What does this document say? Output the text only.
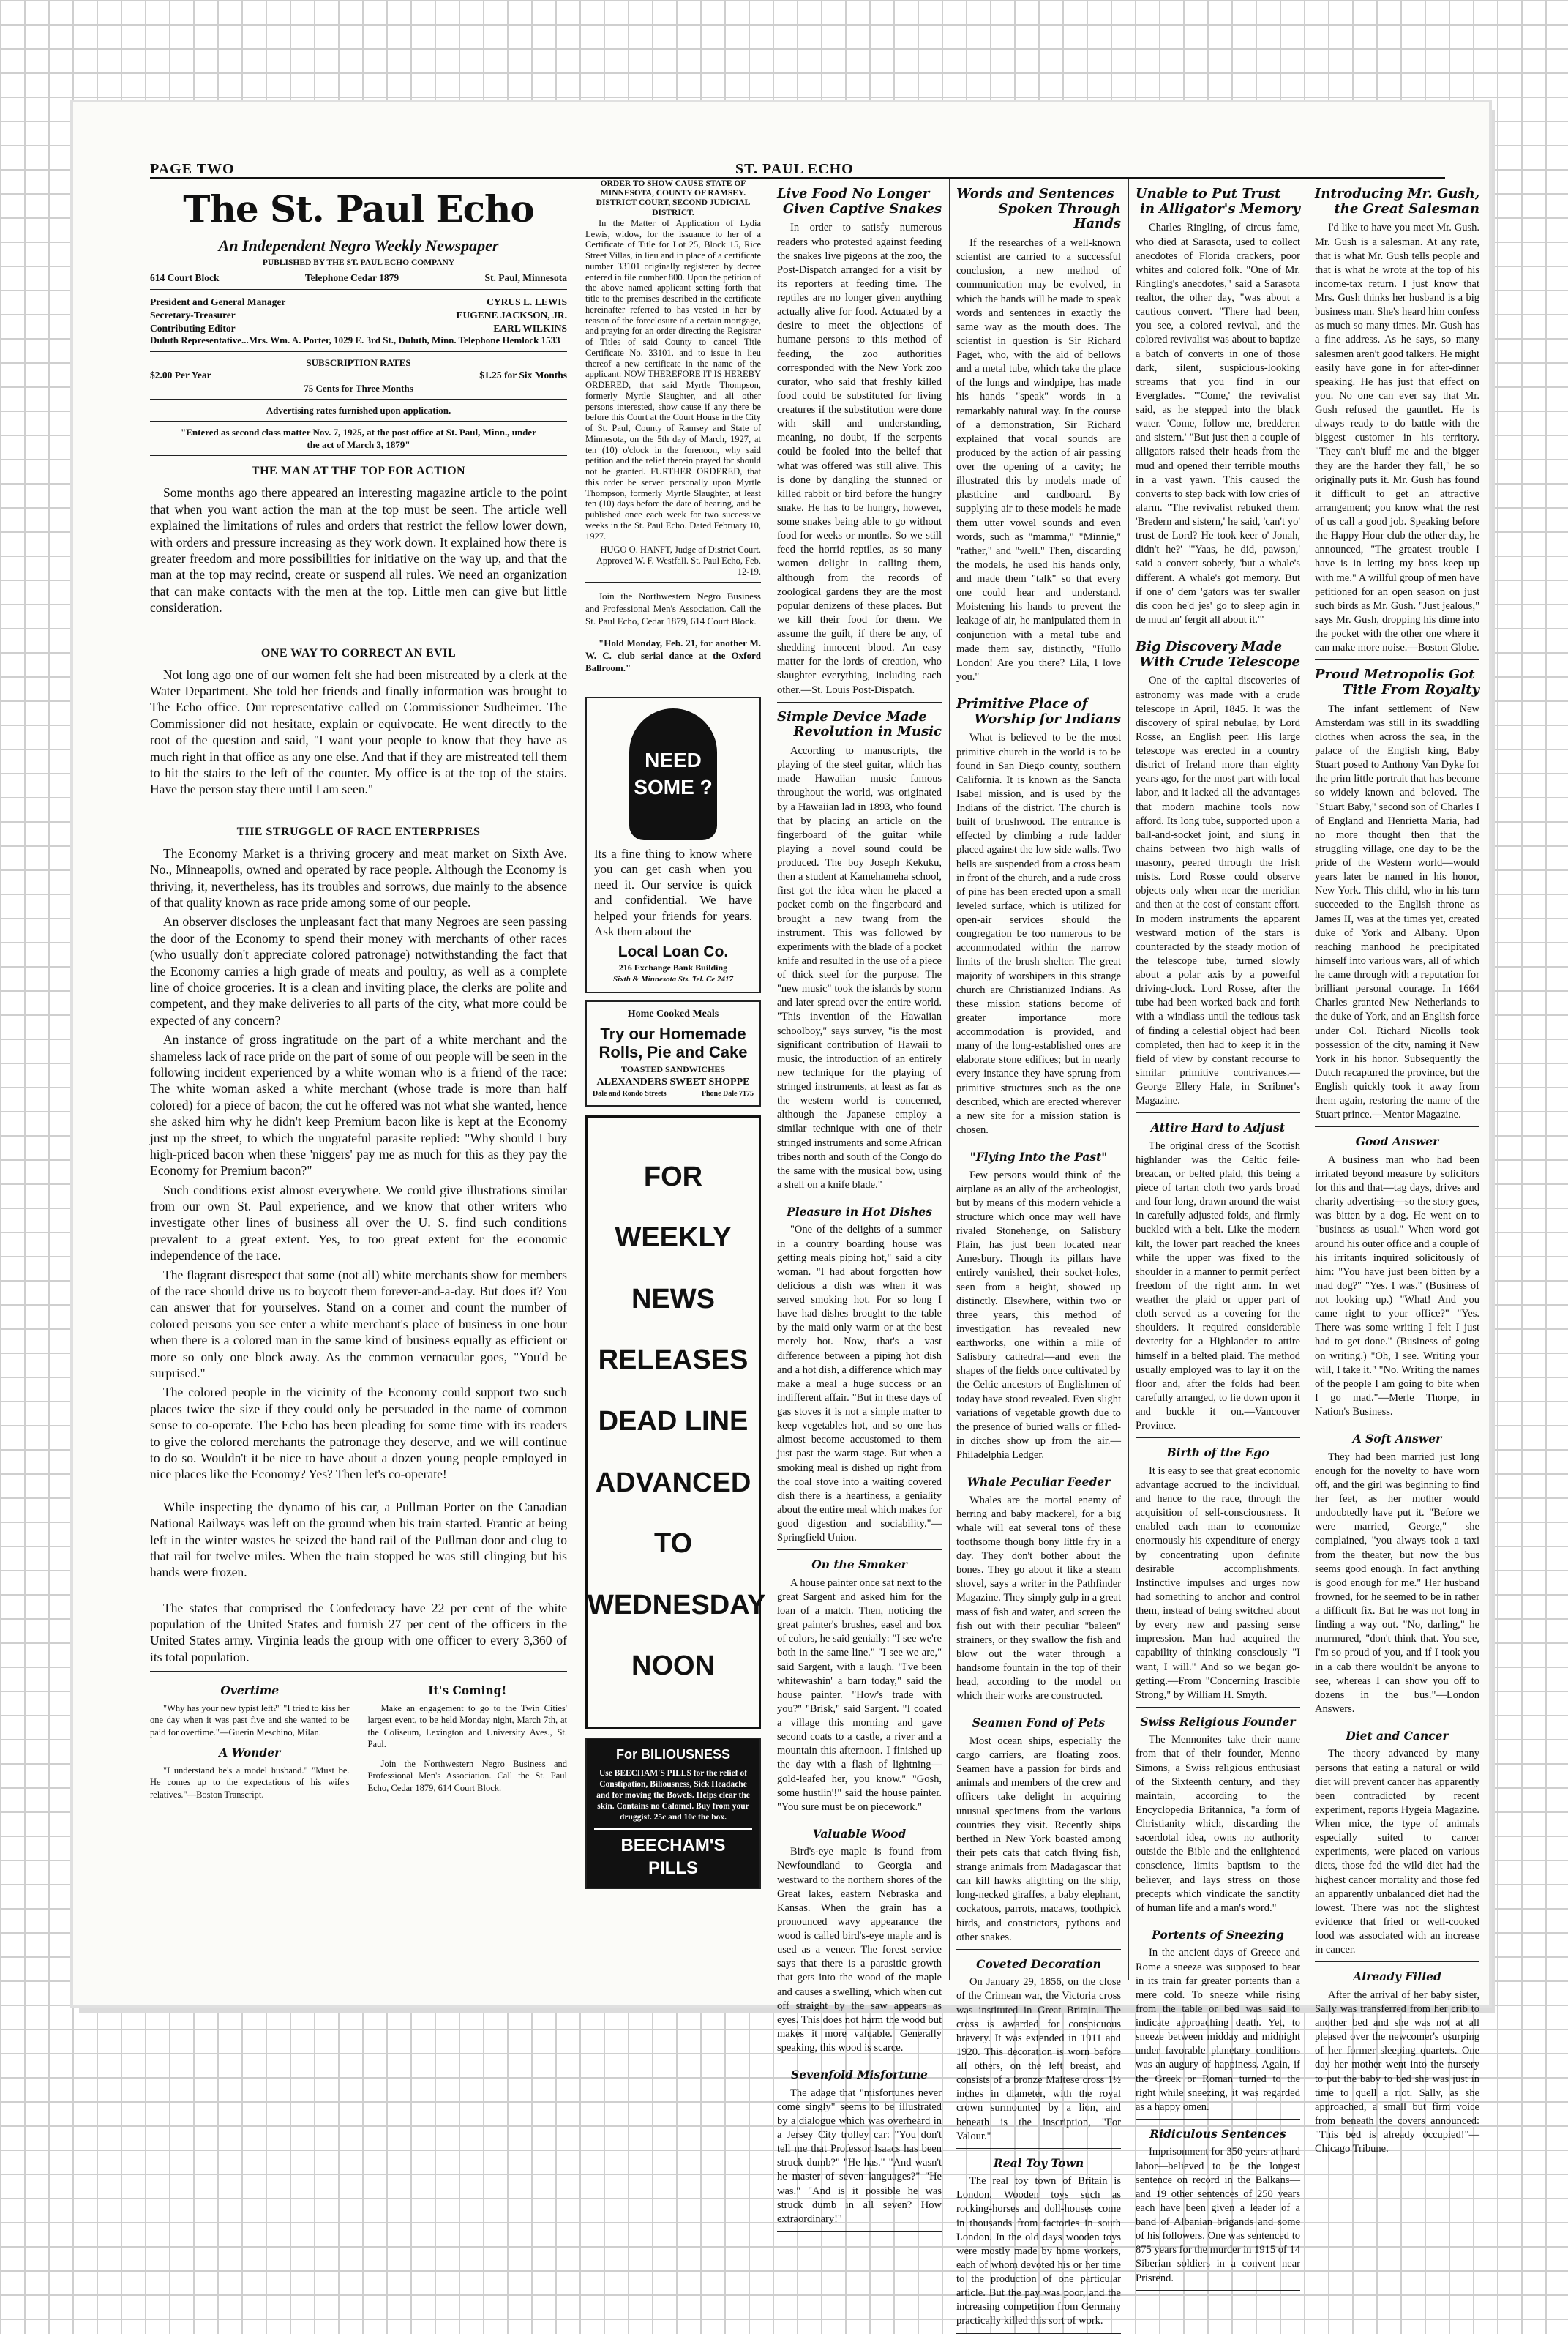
PAGE TWO	ST. PAUL ECHO
The St. Paul Echo
An Independent Negro Weekly Newspaper
PUBLISHED BY THE ST. PAUL ECHO COMPANY
614 Court Block	Telephone Cedar 1879	St. Paul, Minnesota
President and General Manager	CYRUS L. LEWIS
Secretary-Treasurer	EUGENE JACKSON, JR.
Contributing Editor	EARL WILKINS
Duluth Representative...Mrs. Wm. A. Porter, 1029 E. 3rd St., Duluth, Minn. Telephone Hemlock 1533
SUBSCRIPTION RATES
$2.00 Per Year	$1.25 for Six Months
75 Cents for Three Months
Advertising rates furnished upon application.
"Entered as second class matter Nov. 7, 1925, at the post office at St. Paul, Minn., under the act of March 3, 1879"
THE MAN AT THE TOP FOR ACTION

Some months ago there appeared an interesting magazine article to the point that when you want action the man at the top must be seen. The article well explained the limitations of rules and orders that restrict the fellow lower down, with orders and pressure increasing as they work down. It explained how there is greater freedom and more possibilities for initiative on the way up, and that the man at the top may recind, create or suspend all rules. We need an organization that can make contacts with the men at the top. Little men can give but little consideration.

ONE WAY TO CORRECT AN EVIL

Not long ago one of our women felt she had been mistreated by a clerk at the Water Department. She told her friends and finally information was brought to The Echo office. Our representative called on Commissioner Sudheimer. The Commissioner did not hesitate, explain or equivocate. He went directly to the root of the question and said, "I want your people to know that they have as much right in that office as any one else. And that if they are mistreated tell them to hit the stairs to the left of the counter. My office is at the top of the stairs. Have the person stay there until I am seen."

THE STRUGGLE OF RACE ENTERPRISES

The Economy Market is a thriving grocery and meat market on Sixth Ave. No., Minneapolis, owned and operated by race people. Although the Economy is thriving, it, nevertheless, has its troubles and sorrows, due mainly to the absence of that quality known as race pride among some of our people.

An observer discloses the unpleasant fact that many Negroes are seen passing the door of the Economy to spend their money with merchants of other races (who usually don't appreciate colored patronage) notwithstanding the fact that the Economy carries a high grade of meats and poultry, as well as a complete line of choice groceries. It is a clean and inviting place, the clerks are polite and competent, and they make deliveries to all parts of the city, what more could be expected of any concern?

An instance of gross ingratitude on the part of a white merchant and the shameless lack of race pride on the part of some of our people will be seen in the following incident experienced by a white woman who is a friend of the race: The white woman asked a white merchant (whose trade is more than half colored) for a piece of bacon; the cut he offered was not what she wanted, hence she asked him why he didn't keep Premium bacon like is kept at the Economy just up the street, to which the ungrateful parasite replied: "Why should I buy high-priced bacon when these 'niggers' pay me as much for this as they pay the Economy for Premium bacon?"

Such conditions exist almost everywhere. We could give illustrations similar from our own St. Paul experience, and we know that other writers who investigate other lines of business all over the U. S. find such conditions prevalent to a great extent. Yes, to too great extent for the economic independence of the race.

The flagrant disrespect that some (not all) white merchants show for members of the race should drive us to boycott them forever-and-a-day. But does it? You can answer that for yourselves. Stand on a corner and count the number of colored persons you see enter a white merchant's place of business in one hour when there is a colored man in the same kind of business equally as efficient or more so only one block away. As the common vernacular goes, "You'd be surprised."

The colored people in the vicinity of the Economy could support two such places twice the size if they could only be persuaded in the name of common sense to co-operate. The Echo has been pleading for some time with its readers to give the colored merchants the patronage they deserve, and we will continue to do so. Wouldn't it be nice to have about a dozen young people employed in nice places like the Economy? Yes? Then let's co-operate!

While inspecting the dynamo of his car, a Pullman Porter on the Canadian National Railways was left on the ground when his train started. Frantic at being left in the winter wastes he seized the hand rail of the Pullman door and clug to that rail for twelve miles. When the train stopped he was still clinging but his hands were frozen.

The states that comprised the Confederacy have 22 per cent of the white population of the United States and furnish 27 per cent of the officers in the United States army. Virginia leads the group with one officer to every 3,360 of its total population.

Overtime

"Why has your new typist left?" "I tried to kiss her one day when it was past five and she wanted to be paid for overtime."—Guerin Meschino, Milan.

A Wonder

"I understand he's a model husband." "Must be. He comes up to the expectations of his wife's relatives."—Boston Transcript.

It's Coming!

Make an engagement to go to the Twin Cities' largest event, to be held Monday night, March 7th, at the Coliseum, Lexington and University Aves., St. Paul.

Join the Northwestern Negro Business and Professional Men's Association. Call the St. Paul Echo, Cedar 1879, 614 Court Block.

ORDER TO SHOW CAUSE STATE OF MINNESOTA, COUNTY OF RAMSEY. DISTRICT COURT, SECOND JUDICIAL DISTRICT.

In the Matter of Application of Lydia Lewis, widow, for the issuance to her of a Certificate of Title for Lot 25, Block 15, Rice Street Villas, in lieu and in place of a certificate number 33101 originally registered by decree entered in file number 800. Upon the petition of the above named applicant setting forth that title to the premises described in the certificate hereinafter referred to has vested in her by reason of the foreclosure of a certain mortgage, and praying for an order directing the Registrar of Titles of said County to cancel Title Certificate No. 33101, and to issue in lieu thereof a new certificate in the name of the applicant: NOW THEREFORE IT IS HEREBY ORDERED, that said Myrtle Thompson, formerly Myrtle Slaughter, and all other persons interested, show cause if any there be before this Court at the Court House in the City of St. Paul, County of Ramsey and State of Minnesota, on the 5th day of March, 1927, at ten (10) o'clock in the forenoon, why said petition and the relief therein prayed for should not be granted. FURTHER ORDERED, that this order be served personally upon Myrtle Thompson, formerly Myrtle Slaughter, at least ten (10) days before the date of hearing, and be published once each week for two successive weeks in the St. Paul Echo. Dated February 10, 1927.

HUGO O. HANFT, Judge of District Court. Approved W. F. Westfall. St. Paul Echo, Feb. 12-19.

Join the Northwestern Negro Business and Professional Men's Association. Call the St. Paul Echo, Cedar 1879, 614 Court Block.

"Hold Monday, Feb. 21, for another M. W. C. club serial dance at the Oxford Ballroom."

NEED SOME ?

Its a fine thing to know where you can get cash when you need it. Our service is quick and confidential. We have helped your friends for years. Ask them about the

Local Loan Co.
216 Exchange Bank Building
Sixth & Minnesota Sts. Tel. Ce 2417
Home Cooked Meals
Try our Homemade Rolls, Pie and Cake
TOASTED SANDWICHES
ALEXANDERS SWEET SHOPPE
Dale and Rondo Streets	Phone Dale 7175
FOR
WEEKLY
NEWS
RELEASES
DEAD LINE
ADVANCED
TO
WEDNESDAY
NOON
For BILIOUSNESS
Use BEECHAM'S PILLS for the relief of Constipation, Biliousness, Sick Headache and for moving the Bowels. Helps clear the skin. Contains no Calomel. Buy from your druggist. 25c and 10c the box.
BEECHAM'S PILLS
Live Food No Longer
Given Captive Snakes

In order to satisfy numerous readers who protested against feeding the snakes live pigeons at the zoo, the Post-Dispatch arranged for a visit by its reporters at feeding time. The reptiles are no longer given anything actually alive for food. Actuated by a desire to meet the objections of humane persons to this method of feeding, the zoo authorities corresponded with the New York zoo curator, who said that freshly killed food could be substituted for living creatures if the substitution were done with skill and understanding, meaning, no doubt, if the serpents could be fooled into the belief that what was offered was still alive. This is done by dangling the stunned or killed rabbit or bird before the hungry snake. He has to be hungry, however, some snakes being able to go without food for weeks or months. So we still feed the horrid reptiles, as so many women delight in calling them, although from the records of zoological gardens they are the most popular denizens of these places. But we kill their food for them. We assume the guilt, if there be any, of shedding innocent blood. An easy matter for the lords of creation, who slaughter everything, including each other.—St. Louis Post-Dispatch.

Simple Device Made
Revolution in Music

According to manuscripts, the playing of the steel guitar, which has made Hawaiian music famous throughout the world, was originated by a Hawaiian lad in 1893, who found that by placing an article on the fingerboard of the guitar while playing a novel sound could be produced. The boy Joseph Kekuku, then a student at Kamehameha school, first got the idea when he placed a pocket comb on the fingerboard and brought a new twang from the instrument. This was followed by experiments with the blade of a pocket knife and resulted in the use of a piece of thick steel for the purpose. The "new music" took the islands by storm and later spread over the entire world. "This invention of the Hawaiian schoolboy," says survey, "is the most significant contribution of Hawaii to music, the introduction of an entirely new technique for the playing of stringed instruments, at least as far as the western world is concerned, although the Japanese employ a similar technique with one of their stringed instruments and some African tribes north and south of the Congo do the same with the musical bow, using a shell on a knife blade."

Pleasure in Hot Dishes

"One of the delights of a summer in a country boarding house was getting meals piping hot," said a city woman. "I had about forgotten how delicious a dish was when it was served smoking hot. For so long I have had dishes brought to the table by the maid only warm or at the best merely hot. Now, that's a vast difference between a piping hot dish and a hot dish, a difference which may make a meal a huge success or an indifferent affair. "But in these days of gas stoves it is not a simple matter to keep vegetables hot, and so one has almost become accustomed to them just past the warm stage. But when a smoking meal is dished up right from the coal stove into a waiting covered dish there is a heartiness, a geniality about the entire meal which makes for good digestion and sociability."—Springfield Union.

On the Smoker

A house painter once sat next to the great Sargent and asked him for the loan of a match. Then, noticing the great painter's brushes, easel and box of colors, he said genially: "I see we're both in the same line." "I see we are," said Sargent, with a laugh. "I've been whitewashin' a barn today," said the house painter. "How's trade with you?" "Brisk," said Sargent. "I coated a village this morning and gave second coats to a castle, a river and a mountain this afternoon. I finished up the day with a flash of lightning—gold-leafed her, you know." "Gosh, some hustlin'!" said the house painter. "You sure must be on piecework."

Valuable Wood

Bird's-eye maple is found from Newfoundland to Georgia and westward to the northern shores of the Great lakes, eastern Nebraska and Kansas. When the grain has a pronounced wavy appearance the wood is called bird's-eye maple and is used as a veneer. The forest service says that there is a parasitic growth that gets into the wood of the maple and causes a swelling, which when cut off straight by the saw appears as eyes. This does not harm the wood but makes it more valuable. Generally speaking, this wood is scarce.

Sevenfold Misfortune

The adage that "misfortunes never come singly" seems to be illustrated by a dialogue which was overheard in a Jersey City trolley car: "You don't tell me that Professor Isaacs has been struck dumb?" "He has." "And wasn't he master of seven languages?" "He was." "And is it possible he was struck dumb in all seven? How extraordinary!"

Words and Sentences
Spoken Through Hands

If the researches of a well-known scientist are carried to a successful conclusion, a new method of communication may be evolved, in which the hands will be made to speak words and sentences in exactly the same way as the mouth does. The scientist in question is Sir Richard Paget, who, with the aid of bellows and a metal tube, which take the place of the lungs and windpipe, has made his hands "speak" words in a remarkably natural way. In the course of a demonstration, Sir Richard explained that vocal sounds are produced by the action of air passing over the opening of a cavity; he illustrated this by models made of plasticine and cardboard. By supplying air to these models he made them utter vowel sounds and even words, such as "mamma," "Minnie," "rather," and "well." Then, discarding the models, he used his hands only, and made them "talk" so that every one could hear and understand. Moistening his hands to prevent the leakage of air, he manipulated them in conjunction with a metal tube and made them say, distinctly, "Hullo London! Are you there? Lila, I love you."

Primitive Place of
Worship for Indians

What is believed to be the most primitive church in the world is to be found in San Diego county, southern California. It is known as the Sancta Isabel mission, and is used by the Indians of the district. The church is built of brushwood. The entrance is effected by climbing a rude ladder placed against the low side walls. Two bells are suspended from a cross beam in front of the church, and a rude cross of pine has been erected upon a small leveled surface, which is utilized for open-air services should the congregation be too numerous to be accommodated within the narrow limits of the brush shelter. The great majority of worshipers in this strange church are Christianized Indians. As these mission stations become of greater importance more accommodation is provided, and many of the long-established ones are elaborate stone edifices; but in nearly every instance they have sprung from primitive structures such as the one described, which are erected wherever a new site for a mission station is chosen.

"Flying Into the Past"

Few persons would think of the airplane as an ally of the archeologist, but by means of this modern vehicle a structure which once may well have rivaled Stonehenge, on Salisbury Plain, has just been located near Amesbury. Though its pillars have entirely vanished, their socket-holes, seen from a height, showed up distinctly. Elsewhere, within two or three years, this method of investigation has revealed new earthworks, one within a mile of Salisbury cathedral—and even the shapes of the fields once cultivated by the Celtic ancestors of Englishmen of today have stood revealed. Even slight variations of vegetable growth due to the presence of buried walls or filled-in ditches show up from the air.—Philadelphia Ledger.

Whale Peculiar Feeder

Whales are the mortal enemy of herring and baby mackerel, for a big whale will eat several tons of these toothsome though bony little fry in a day. They don't bother about the bones. They go about it like a steam shovel, says a writer in the Pathfinder Magazine. They simply gulp in a great mass of fish and water, and screen the fish out with their peculiar "baleen" strainers, or they swallow the fish and blow out the water through a handsome fountain in the top of their head, according to the model on which their works are constructed.

Seamen Fond of Pets

Most ocean ships, especially the cargo carriers, are floating zoos. Seamen have a passion for birds and animals and members of the crew and officers take delight in acquiring unusual specimens from the various countries they visit. Recently ships berthed in New York boasted among their pets cats that catch flying fish, strange animals from Madagascar that can kill hawks alighting on the ship, long-necked giraffes, a baby elephant, cockatoos, parrots, macaws, toothpick birds, and constrictors, pythons and other snakes.

Coveted Decoration

On January 29, 1856, on the close of the Crimean war, the Victoria cross was instituted in Great Britain. The cross is awarded for conspicuous bravery. It was extended in 1911 and 1920. This decoration is worn before all others, on the left breast, and consists of a bronze Maltese cross 1½ inches in diameter, with the royal crown surmounted by a lion, and beneath is the inscription, "For Valour."

Real Toy Town

The real toy town of Britain is London. Wooden toys such as rocking-horses and doll-houses come in thousands from factories in south London. In the old days wooden toys were mostly made by home workers, each of whom devoted his or her time to the production of one particular article. But the pay was poor, and the increasing competition from Germany practically killed this sort of work.

Unable to Put Trust
in Alligator's Memory

Charles Ringling, of circus fame, who died at Sarasota, used to collect anecdotes of Florida crackers, poor whites and colored folk. "One of Mr. Ringling's anecdotes," said a Sarasota realtor, the other day, "was about a cautious convert. "There had been, you see, a colored revival, and the colored revivalist was about to baptize a batch of converts in one of those dark, silent, suspicious-looking streams that you find in our Everglades. "'Come,' the revivalist said, as he stepped into the black water. 'Come, follow me, bredderen and sistern.' "But just then a couple of alligators raised their heads from the mud and opened their terrible mouths in a vast yawn. This caused the converts to step back with low cries of alarm. "The revivalist rebuked them. 'Bredern and sistern,' he said, 'can't yo' trust de Lord? He took keer o' Jonah, didn't he?' "'Yaas, he did, pawson,' said a convert soberly, 'but a whale's different. A whale's got memory. But if one o' dem 'gators was ter swaller dis coon he'd jes' go to sleep agin in de mud an' fergit all about it.'"

Big Discovery Made
With Crude Telescope

One of the capital discoveries of astronomy was made with a crude telescope in April, 1845. It was the discovery of spiral nebulae, by Lord Rosse, an English peer. His large telescope was erected in a country district of Ireland more than eighty years ago, for the most part with local labor, and it lacked all the advantages that modern machine tools now afford. Its long tube, supported upon a ball-and-socket joint, and slung in chains between two high walls of masonry, peered through the Irish mists. Lord Rosse could observe objects only when near the meridian and then at the cost of constant effort. In modern instruments the apparent westward motion of the stars is counteracted by the steady motion of the telescope tube, turned slowly about a polar axis by a powerful driving-clock. Lord Rosse, after the tube had been worked back and forth with a windlass until the tedious task of finding a celestial object had been completed, then had to keep it in the field of view by constant recourse to similar primitive contrivances.—George Ellery Hale, in Scribner's Magazine.

Attire Hard to Adjust

The original dress of the Scottish highlander was the Celtic feile-breacan, or belted plaid, this being a piece of tartan cloth two yards broad and four long, drawn around the waist in carefully adjusted folds, and firmly buckled with a belt. Like the modern kilt, the lower part reached the knees while the upper was fixed to the shoulder in a manner to permit perfect freedom of the right arm. In wet weather the plaid or upper part of cloth served as a covering for the shoulders. It required considerable dexterity for a Highlander to attire himself in a belted plaid. The method usually employed was to lay it on the floor and, after the folds had been carefully arranged, to lie down upon it and buckle it on.—Vancouver Province.

Birth of the Ego

It is easy to see that great economic advantage accrued to the individual, and hence to the race, through the acquisition of self-consciousness. It enabled each man to economize enormously his expenditure of energy by concentrating upon definite desirable accomplishments. Instinctive impulses and urges now had something to anchor and control them, instead of being switched about by every new and passing sense impression. Man had acquired the capability of thinking consciously "I want, I will." And so we began go-getting.—From "Concerning Irascible Strong," by William H. Smyth.

Swiss Religious Founder

The Mennonites take their name from that of their founder, Menno Simons, a Swiss religious enthusiast of the Sixteenth century, and they maintain, according to the Encyclopedia Britannica, "a form of Christianity which, discarding the sacerdotal idea, owns no authority outside the Bible and the enlightened conscience, limits baptism to the believer, and lays stress on those precepts which vindicate the sanctity of human life and a man's word."

Portents of Sneezing

In the ancient days of Greece and Rome a sneeze was supposed to bear in its train far greater portents than a mere cold. To sneeze while rising from the table or bed was said to indicate approaching death. Yet, to sneeze between midday and midnight under favorable planetary conditions was an augury of happiness. Again, if the Greek or Roman turned to the right while sneezing, it was regarded as a happy omen.

Ridiculous Sentences

Imprisonment for 350 years at hard labor—believed to be the longest sentence on record in the Balkans—and 19 other sentences of 250 years each have been given a leader of a band of Albanian brigands and some of his followers. One was sentenced to 875 years for the murder in 1915 of 14 Siberian soldiers in a convent near Prisrend.

Introducing Mr. Gush,
the Great Salesman

I'd like to have you meet Mr. Gush. Mr. Gush is a salesman. At any rate, that is what Mr. Gush tells people and that is what he wrote at the top of his income-tax return. I just know that Mrs. Gush thinks her husband is a big business man. She's heard him confess as much so many times. Mr. Gush has a fine address. As he says, so many salesmen aren't good talkers. He might easily have gone in for after-dinner speaking. He has just that effect on you. No one can ever say that Mr. Gush refused the gauntlet. He is always ready to do battle with the biggest customer in his territory. "They can't bluff me and the bigger they are the harder they fall," he so originally puts it. Mr. Gush has found it difficult to get an attractive arrangement; you know what the rest of us call a good job. Speaking before the Happy Hour club the other day, he announced, "The greatest trouble I have is in letting my boss keep up with me." A willful group of men have petitioned for an open season on just such birds as Mr. Gush. "Just jealous," says Mr. Gush, dropping his dime into the pocket with the other one where it can make more noise.—Boston Globe.

Proud Metropolis Got
Title From Royalty

The infant settlement of New Amsterdam was still in its swaddling clothes when across the sea, in the palace of the English king, Baby Stuart posed to Anthony Van Dyke for the prim little portrait that has become so widely known and beloved. The "Stuart Baby," second son of Charles I of England and Henrietta Maria, had no more thought then that the struggling village, one day to be the pride of the Western world—would years later be named in his honor, New York. This child, who in his turn succeeded to the English throne as James II, was at the times yet, created duke of York and Albany. Upon reaching manhood he precipitated himself into various wars, all of which he came through with a reputation for brilliant personal courage. In 1664 Charles granted New Netherlands to the duke of York, and an English force under Col. Richard Nicolls took possession of the city, naming it New York in his honor. Subsequently the Dutch recaptured the province, but the English quickly took it away from them again, restoring the name of the Stuart prince.—Mentor Magazine.

Good Answer

A business man who had been irritated beyond measure by solicitors for this and that—tag days, drives and charity advertising—so the story goes, was bitten by a dog. He went on to "business as usual." When word got around his outer office and a couple of his irritants inquired solicitously of him: "You have just been bitten by a mad dog?" "Yes. I was." (Business of not looking up.) "What! And you came right to your office?" "Yes. There was some writing I felt I just had to get done." (Business of going on writing.) "Oh, I see. Writing your will, I take it." "No. Writing the names of the people I am going to bite when I go mad."—Merle Thorpe, in Nation's Business.

A Soft Answer

They had been married just long enough for the novelty to have worn off, and the girl was beginning to find her feet, as her mother would undoubtedly have put it. "Before we were married, George," she complained, "you always took a taxi from the theater, but now the bus seems good enough. In fact anything is good enough for me." Her husband frowned, for he seemed to be in rather a difficult fix. But he was not long in finding a way out. "No, darling," he murmured, "don't think that. You see, I'm so proud of you, and if I took you in a cab there wouldn't be anyone to see, whereas I can show you off to dozens in the bus."—London Answers.

Diet and Cancer

The theory advanced by many persons that eating a natural or wild diet will prevent cancer has apparently been contradicted by recent experiment, reports Hygeia Magazine. When mice, the type of animals especially suited to cancer experiments, were placed on various diets, those fed the wild diet had the highest cancer mortality and those fed an apparently unbalanced diet had the lowest. There was not the slightest evidence that fried or well-cooked food was associated with an increase in cancer.

Already Filled

After the arrival of her baby sister, Sally was transferred from her crib to another bed and she was not at all pleased over the newcomer's usurping of her former sleeping quarters. One day her mother went into the nursery to put the baby to bed she was just in time to quell a riot. Sally, as she approached, a small but firm voice from beneath the covers announced: "This bed is already occupied!"—Chicago Tribune.
